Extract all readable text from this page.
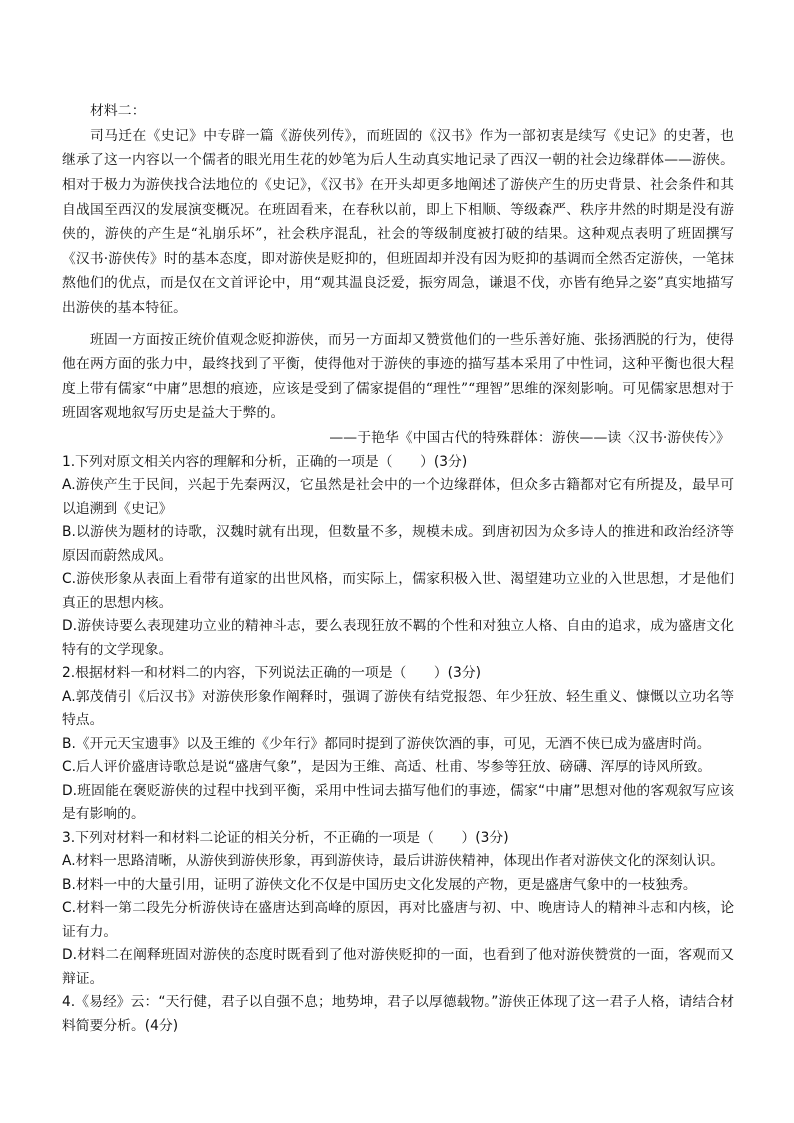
材料二：

司马迁在《史记》中专辟一篇《游侠列传》，而班固的《汉书》作为一部初衷是续写《史记》的史著，也继承了这一内容以一个儒者的眼光用生花的妙笔为后人生动真实地记录了西汉一朝的社会边缘群体——游侠。相对于极力为游侠找合法地位的《史记》，《汉书》在开头却更多地阐述了游侠产生的历史背景、社会条件和其自战国至西汉的发展演变概况。在班固看来，在春秋以前，即上下相顺、等级森严、秩序井然的时期是没有游侠的，游侠的产生是“礼崩乐坏”，社会秩序混乱，社会的等级制度被打破的结果。这种观点表明了班固撰写《汉书·游侠传》时的基本态度，即对游侠是贬抑的，但班固却并没有因为贬抑的基调而全然否定游侠，一笔抹熬他们的优点，而是仅在文首评论中，用“观其温良泛爱，振穷周急，谦退不伐，亦皆有绝异之姿”真实地描写出游侠的基本特征。

班固一方面按正统价值观念贬抑游侠，而另一方面却又赞赏他们的一些乐善好施、张扬洒脱的行为，使得他在两方面的张力中，最终找到了平衡，使得他对于游侠的事迹的描写基本采用了中性词，这种平衡也很大程度上带有儒家“中庸”思想的痕迹，应该是受到了儒家提倡的“理性”“理智”思维的深刻影响。可见儒家思想对于班固客观地叙写历史是益大于弊的。

——于艳华《中国古代的特殊群体：游侠——读〈汉书·游侠传〉》

1.下列对原文相关内容的理解和分析，正确的一项是（　　）(3分)

A.游侠产生于民间，兴起于先秦两汉，它虽然是社会中的一个边缘群体，但众多古籍都对它有所提及，最早可以追溯到《史记》

B.以游侠为题材的诗歌，汉魏时就有出现，但数量不多，规模未成。到唐初因为众多诗人的推进和政治经济等原因而蔚然成风。

C.游侠形象从表面上看带有道家的出世风格，而实际上，儒家积极入世、渴望建功立业的入世思想，才是他们真正的思想内核。

D.游侠诗要么表现建功立业的精神斗志，要么表现狂放不羁的个性和对独立人格、自由的追求，成为盛唐文化特有的文学现象。

2.根据材料一和材料二的内容，下列说法正确的一项是（　　）(3分)

A.郭茂倩引《后汉书》对游侠形象作阐释时，强调了游侠有结党报怨、年少狂放、轻生重义、慷慨以立功名等特点。

B.《开元天宝遗事》以及王维的《少年行》都同时提到了游侠饮酒的事，可见，无酒不侠已成为盛唐时尚。

C.后人评价盛唐诗歌总是说“盛唐气象”，是因为王维、高适、杜甫、岑参等狂放、磅礴、浑厚的诗风所致。

D.班固能在褒贬游侠的过程中找到平衡，采用中性词去描写他们的事迹，儒家“中庸”思想对他的客观叙写应该是有影响的。

3.下列对材料一和材料二论证的相关分析，不正确的一项是（　　）(3分)

A.材料一思路清晰，从游侠到游侠形象，再到游侠诗，最后讲游侠精神，体现出作者对游侠文化的深刻认识。

B.材料一中的大量引用，证明了游侠文化不仅是中国历史文化发展的产物，更是盛唐气象中的一枝独秀。

C.材料一第二段先分析游侠诗在盛唐达到高峰的原因，再对比盛唐与初、中、晚唐诗人的精神斗志和内核，论证有力。

D.材料二在阐释班固对游侠的态度时既看到了他对游侠贬抑的一面，也看到了他对游侠赞赏的一面，客观而又辩证。

4.《易经》云：“天行健，君子以自强不息；地势坤，君子以厚德载物。”游侠正体现了这一君子人格，请结合材料简要分析。(4分)
